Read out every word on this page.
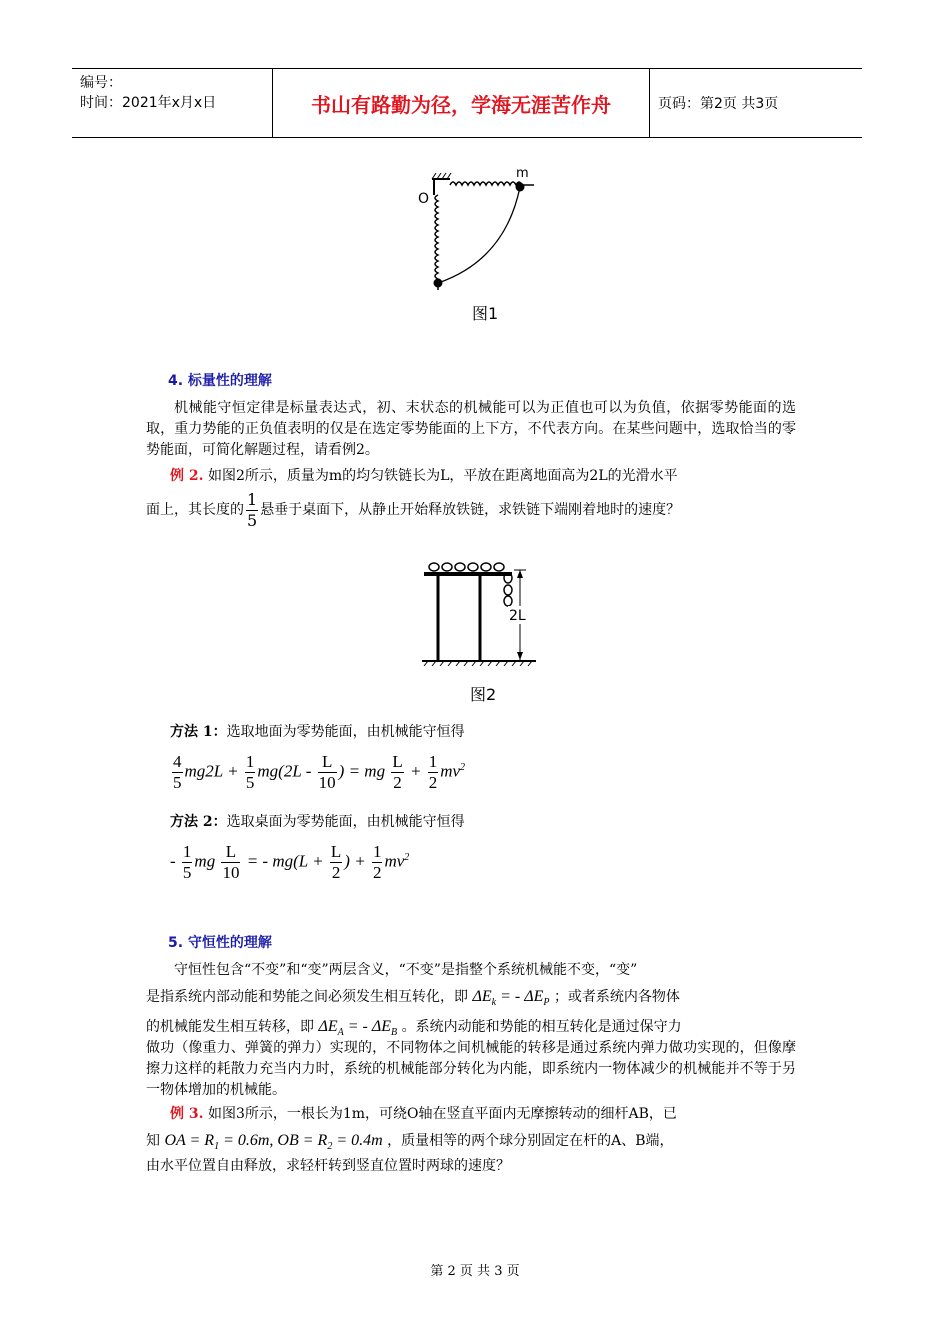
编号：
时间：2021年x月x日	书山有路勤为径，学海无涯苦作舟	页码：第2页 共3页
O
m
图1
4. 标量性的理解
机械能守恒定律是标量表达式，初、末状态的机械能可以为正值也可以为负值，依据零势能面的选取，重力势能的正负值表明的仅是在选定零势能面的上下方，不代表方向。在某些问题中，选取恰当的零势能面，可简化解题过程，请看例2。
例 2. 如图2所示，质量为m的均匀铁链长为L，平放在距离地面高为2L的光滑水平
面上，其长度的 $\frac{1}{5}$ 悬垂于桌面下，从静止开始释放铁链，求铁链下端刚着地时的速度？
2L
图2
方法 1：选取地面为零势能面，由机械能守恒得
$\frac{4}{5} mg2L + \frac{1}{5} mg(2L - \frac{L}{10}$ ) = mg $\frac{L}{2} + \frac{1}{2} mv^2$
方法 2：选取桌面为零势能面，由机械能守恒得
- $\frac{1}{5}$ mg $\frac{L}{10}$ = - $mg(L + \frac{L}{2}$ ) + $\frac{1}{2} mv^2$
5. 守恒性的理解
守恒性包含“不变”和“变”两层含义，“不变”是指整个系统机械能不变，“变”
是指系统内部动能和势能之间必须发生相互转化，即 $\Delta E_k$ = - $\Delta E_P$ ；或者系统内各物体
的机械能发生相互转移，即 $\Delta E_A$ = - $\Delta E_B$ 。系统内动能和势能的相互转化是通过保守力
做功（像重力、弹簧的弹力）实现的，不同物体之间机械能的转移是通过系统内弹力做功实现的，但像摩擦力这样的耗散力充当内力时，系统的机械能部分转化为内能，即系统内一物体减少的机械能并不等于另一物体增加的机械能。
例 3. 如图3所示，一根长为1m，可绕O轴在竖直平面内无摩擦转动的细杆AB，已
知 OA = $R_1 = 0.6m$, OB = $R_2 = 0.4m$ ，质量相等的两个球分别固定在杆的A、B端，
由水平位置自由释放，求轻杆转到竖直位置时两球的速度？
第 2 页 共 3 页
